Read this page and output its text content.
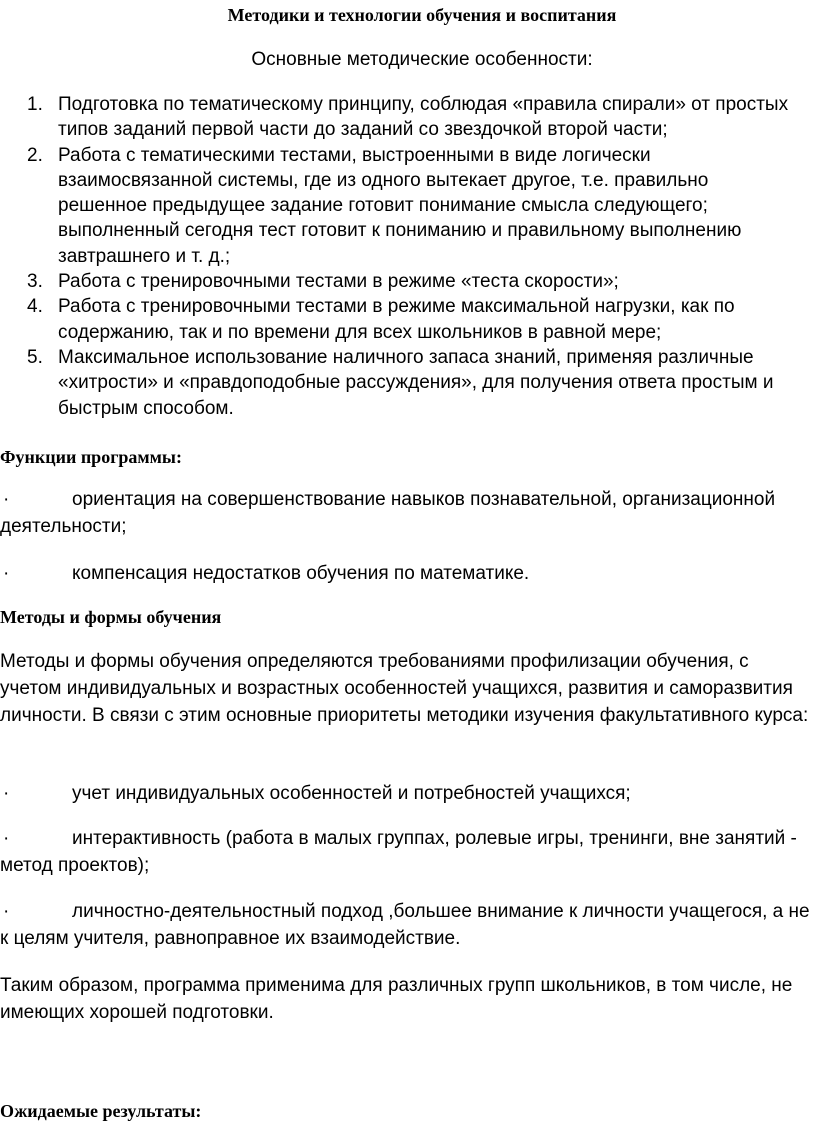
Методики и технологии обучения и воспитания
Основные методические особенности:
1. Подготовка по тематическому принципу, соблюдая «правила спирали» от простых типов заданий первой части до заданий со звездочкой второй части;
2. Работа с тематическими тестами, выстроенными в виде логически взаимосвязанной системы, где из одного вытекает другое, т.е. правильно решенное предыдущее задание готовит понимание смысла следующего; выполненный сегодня тест готовит к пониманию и правильному выполнению завтрашнего и т. д.;
3. Работа с тренировочными тестами в режиме «теста скорости»;
4. Работа с тренировочными тестами в режиме максимальной нагрузки, как по содержанию, так и по времени для всех школьников в равной мере;
5. Максимальное использование наличного запаса знаний, применяя различные «хитрости» и «правдоподобные рассуждения», для получения ответа простым и быстрым способом.
Функции программы:
·	ориентация на совершенствование навыков познавательной, организационной деятельности;
·	компенсация недостатков обучения по математике.
Методы и формы обучения
Методы и формы обучения определяются требованиями профилизации обучения, с учетом индивидуальных и возрастных особенностей учащихся, развития и саморазвития личности. В связи с этим основные приоритеты методики изучения факультативного курса:
·	учет индивидуальных особенностей и потребностей учащихся;
·	интерактивность (работа в малых группах, ролевые игры, тренинги, вне занятий - метод проектов);
·	личностно-деятельностный подход ,большее внимание к личности учащегося, а не к целям учителя, равноправное их взаимодействие.
Таким образом, программа применима для различных групп школьников, в том числе, не имеющих хорошей подготовки.
Ожидаемые результаты:
